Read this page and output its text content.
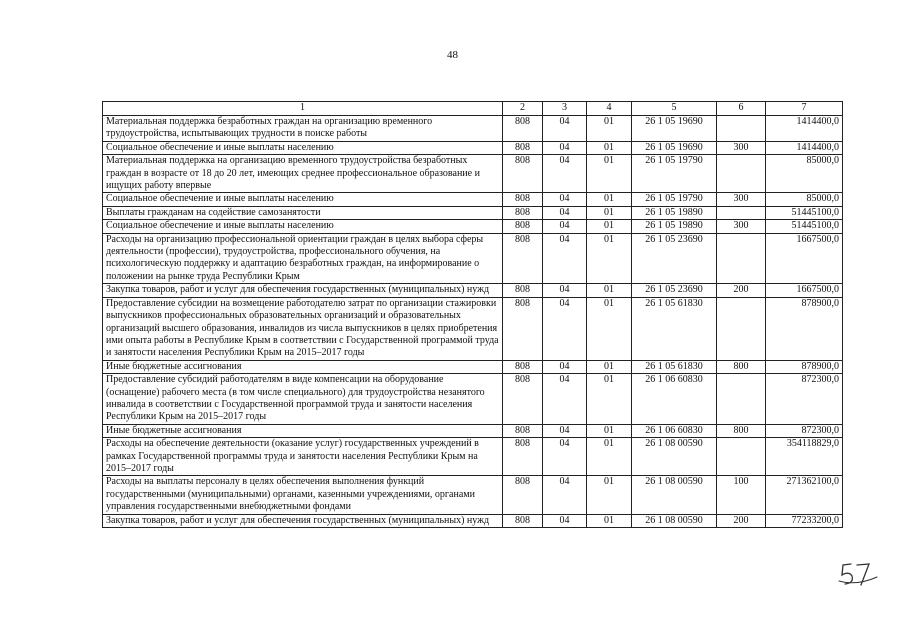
48
1	2	3	4	5	6	7
Материальная поддержка безработных граждан на организацию временного трудоустройства, испытывающих трудности в поиске работы	808	04	01	26 1 05 19690		1414400,0
Социальное обеспечение и иные выплаты населению	808	04	01	26 1 05 19690	300	1414400,0
Материальная поддержка на организацию временного трудоустройства безработных граждан в возрасте от 18 до 20 лет, имеющих среднее профессиональное образование и ищущих работу впервые	808	04	01	26 1 05 19790		85000,0
Социальное обеспечение и иные выплаты населению	808	04	01	26 1 05 19790	300	85000,0
Выплаты гражданам на содействие самозанятости	808	04	01	26 1 05 19890		51445100,0
Социальное обеспечение и иные выплаты населению	808	04	01	26 1 05 19890	300	51445100,0
Расходы на организацию профессиональной ориентации граждан в целях выбора сферы деятельности (профессии), трудоустройства, профессионального обучения, на психологическую поддержку и адаптацию безработных граждан, на информирование о положении на рынке труда Республики Крым	808	04	01	26 1 05 23690		1667500,0
Закупка товаров, работ и услуг для обеспечения государственных (муниципальных) нужд	808	04	01	26 1 05 23690	200	1667500,0
Предоставление субсидии на возмещение работодателю затрат по организации стажировки выпускников профессиональных образовательных организаций и образовательных организаций высшего образования, инвалидов из числа выпускников в целях приобретения ими опыта работы в Республике Крым в соответствии с Государственной программой труда и занятости населения Республики Крым на 2015–2017 годы	808	04	01	26 1 05 61830		878900,0
Иные бюджетные ассигнования	808	04	01	26 1 05 61830	800	878900,0
Предоставление субсидий работодателям в виде компенсации на оборудование (оснащение) рабочего места (в том числе специального) для трудоустройства незанятого инвалида в соответствии с Государственной программой труда и занятости населения Республики Крым на 2015–2017 годы	808	04	01	26 1 06 60830		872300,0
Иные бюджетные ассигнования	808	04	01	26 1 06 60830	800	872300,0
Расходы на обеспечение деятельности (оказание услуг) государственных учреждений в рамках Государственной программы труда и занятости населения Республики Крым на 2015–2017 годы	808	04	01	26 1 08 00590		354118829,0
Расходы на выплаты персоналу в целях обеспечения выполнения функций государственными (муниципальными) органами, казенными учреждениями, органами управления государственными внебюджетными фондами	808	04	01	26 1 08 00590	100	271362100,0
Закупка товаров, работ и услуг для обеспечения государственных (муниципальных) нужд	808	04	01	26 1 08 00590	200	77233200,0
